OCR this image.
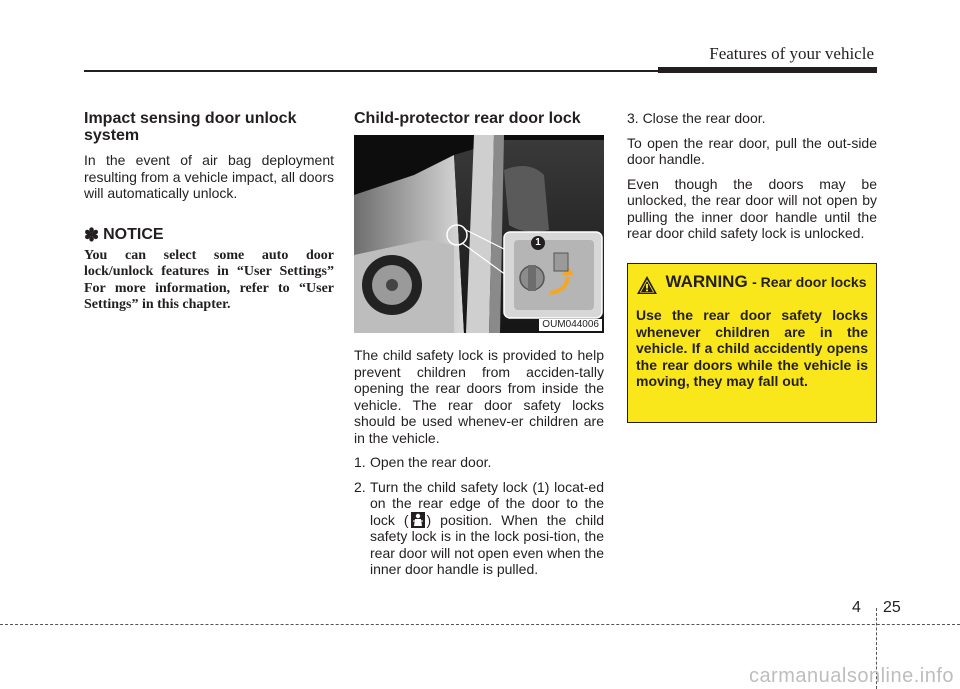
Features of your vehicle
Impact sensing door unlock system

In the event of air bag deployment resulting from a vehicle impact, all doors will automatically unlock.

✽ NOTICE

You can select some auto door lock/unlock features in “User Settings” For more information, refer to “User Settings” in this chapter.

Child-protector rear door lock
1
OUM044006

The child safety lock is provided to help prevent children from acciden-tally opening the rear doors from inside the vehicle. The rear door safety locks should be used whenev-er children are in the vehicle.

1. Open the rear door.
2. Turn the child safety lock (1) locat-ed on the rear edge of the door to the lock ( ) position. When the child safety lock is in the lock posi-tion, the rear door will not open even when the inner door handle is pulled.

3. Close the rear door.

To open the rear door, pull the out-side door handle.

Even though the doors may be unlocked, the rear door will not open by pulling the inner door handle until the rear door child safety lock is unlocked.

WARNING - Rear door locks

Use the rear door safety locks whenever children are in the vehicle. If a child accidently opens the rear doors while the vehicle is moving, they may fall out.

4 25
carmanualsonline.info
